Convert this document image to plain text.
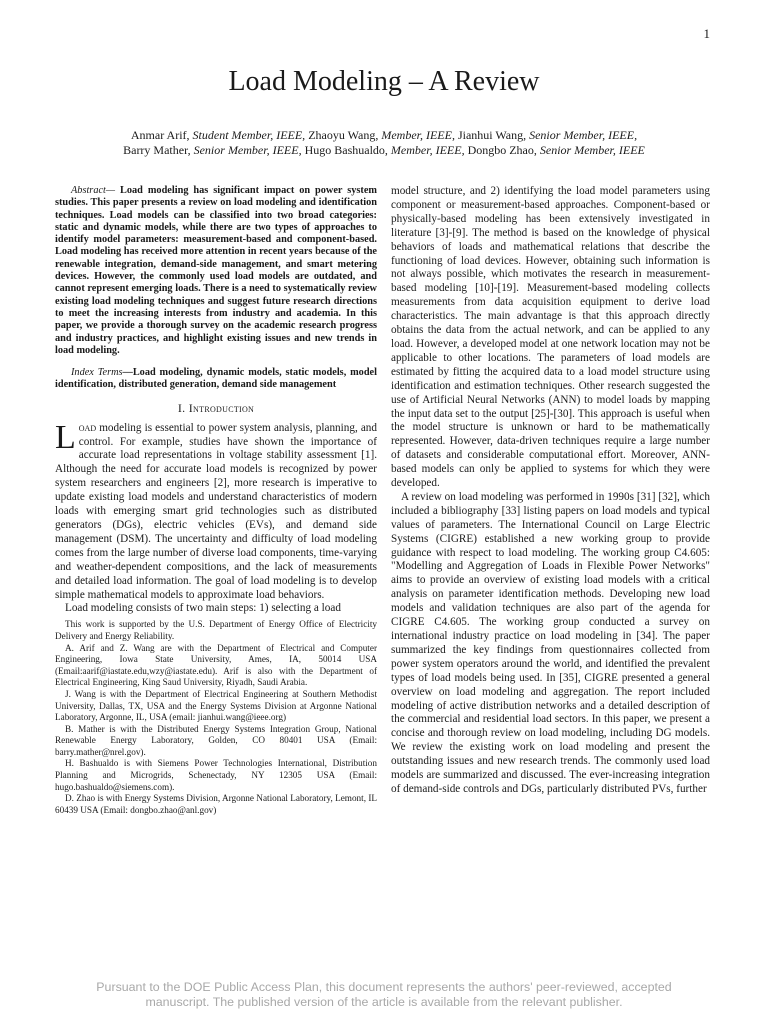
1
Load Modeling – A Review
Anmar Arif, Student Member, IEEE, Zhaoyu Wang, Member, IEEE, Jianhui Wang, Senior Member, IEEE,
Barry Mather, Senior Member, IEEE, Hugo Bashualdo, Member, IEEE, Dongbo Zhao, Senior Member, IEEE

Abstract— Load modeling has significant impact on power system studies. This paper presents a review on load modeling and identification techniques. Load models can be classified into two broad categories: static and dynamic models, while there are two types of approaches to identify model parameters: measurement-based and component-based. Load modeling has received more attention in recent years because of the renewable integration, demand-side management, and smart metering devices. However, the commonly used load models are outdated, and cannot represent emerging loads. There is a need to systematically review existing load modeling techniques and suggest future research directions to meet the increasing interests from industry and academia. In this paper, we provide a thorough survey on the academic research progress and industry practices, and highlight existing issues and new trends in load modeling.

Index Terms—Load modeling, dynamic models, static models, model identification, distributed generation, demand side management

I. Introduction

Load modeling is essential to power system analysis, planning, and control. For example, studies have shown the importance of accurate load representations in voltage stability assessment [1]. Although the need for accurate load models is recognized by power system researchers and engineers [2], more research is imperative to update existing load models and understand characteristics of modern loads with emerging smart grid technologies such as distributed generators (DGs), electric vehicles (EVs), and demand side management (DSM). The uncertainty and difficulty of load modeling comes from the large number of diverse load components, time-varying and weather-dependent compositions, and the lack of measurements and detailed load information. The goal of load modeling is to develop simple mathematical models to approximate load behaviors.

Load modeling consists of two main steps: 1) selecting a load

This work is supported by the U.S. Department of Energy Office of Electricity Delivery and Energy Reliability.

A. Arif and Z. Wang are with the Department of Electrical and Computer Engineering, Iowa State University, Ames, IA, 50014 USA (Email:aarif@iastate.edu,wzy@iastate.edu). Arif is also with the Department of Electrical Engineering, King Saud University, Riyadh, Saudi Arabia.

J. Wang is with the Department of Electrical Engineering at Southern Methodist University, Dallas, TX, USA and the Energy Systems Division at Argonne National Laboratory, Argonne, IL, USA (email: jianhui.wang@ieee.org)

B. Mather is with the Distributed Energy Systems Integration Group, National Renewable Energy Laboratory, Golden, CO 80401 USA (Email: barry.mather@nrel.gov).

H. Bashualdo is with Siemens Power Technologies International, Distribution Planning and Microgrids, Schenectady, NY 12305 USA (Email: hugo.bashualdo@siemens.com).

D. Zhao is with Energy Systems Division, Argonne National Laboratory, Lemont, IL 60439 USA (Email: dongbo.zhao@anl.gov)

model structure, and 2) identifying the load model parameters using component or measurement-based approaches. Component-based or physically-based modeling has been extensively investigated in literature [3]-[9]. The method is based on the knowledge of physical behaviors of loads and mathematical relations that describe the functioning of load devices. However, obtaining such information is not always possible, which motivates the research in measurement-based modeling [10]-[19]. Measurement-based modeling collects measurements from data acquisition equipment to derive load characteristics. The main advantage is that this approach directly obtains the data from the actual network, and can be applied to any load. However, a developed model at one network location may not be applicable to other locations. The parameters of load models are estimated by fitting the acquired data to a load model structure using identification and estimation techniques. Other research suggested the use of Artificial Neural Networks (ANN) to model loads by mapping the input data set to the output [25]-[30]. This approach is useful when the model structure is unknown or hard to be mathematically represented. However, data-driven techniques require a large number of datasets and considerable computational effort. Moreover, ANN-based models can only be applied to systems for which they were developed.

A review on load modeling was performed in 1990s [31] [32], which included a bibliography [33] listing papers on load models and typical values of parameters. The International Council on Large Electric Systems (CIGRE) established a new working group to provide guidance with respect to load modeling. The working group C4.605: "Modelling and Aggregation of Loads in Flexible Power Networks" aims to provide an overview of existing load models with a critical analysis on parameter identification methods. Developing new load models and validation techniques are also part of the agenda for CIGRE C4.605. The working group conducted a survey on international industry practice on load modeling in [34]. The paper summarized the key findings from questionnaires collected from power system operators around the world, and identified the prevalent types of load models being used. In [35], CIGRE presented a general overview on load modeling and aggregation. The report included modeling of active distribution networks and a detailed description of the commercial and residential load sectors. In this paper, we present a concise and thorough review on load modeling, including DG models. We review the existing work on load modeling and present the outstanding issues and new research trends. The commonly used load models are summarized and discussed. The ever-increasing integration of demand-side controls and DGs, particularly distributed PVs, further

Pursuant to the DOE Public Access Plan, this document represents the authors' peer-reviewed, accepted
manuscript. The published version of the article is available from the relevant publisher.
